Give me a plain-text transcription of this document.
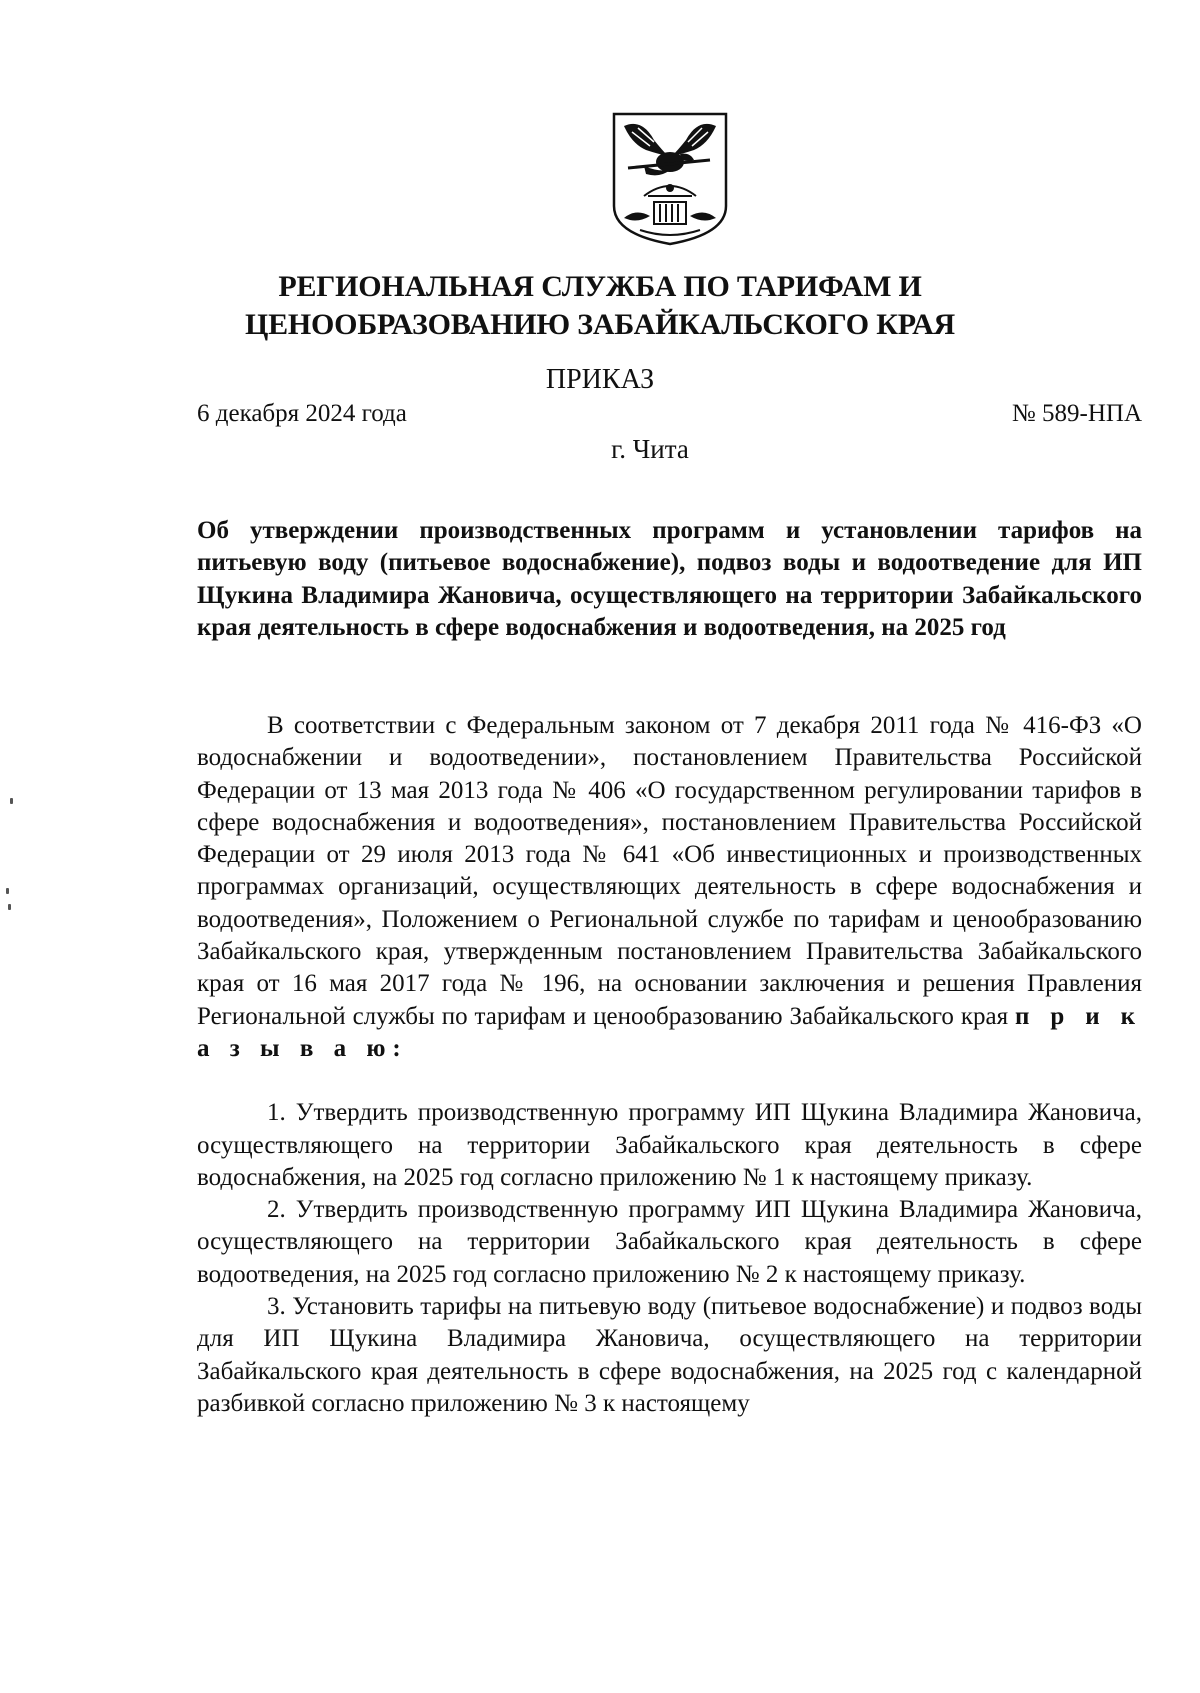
РЕГИОНАЛЬНАЯ СЛУЖБА ПО ТАРИФАМ И
ЦЕНООБРАЗОВАНИЮ ЗАБАЙКАЛЬСКОГО КРАЯ
ПРИКАЗ
6 декабря 2024 года	№ 589-НПА
г. Чита
Об утверждении производственных программ и установлении тарифов на питьевую воду (питьевое водоснабжение), подвоз воды и водоотведение для ИП Щукина Владимира Жановича, осуществляющего на территории Забайкальского края деятельность в сфере водоснабжения и водоотведения, на 2025 год

В соответствии с Федеральным законом от 7 декабря 2011 года № 416-ФЗ «О водоснабжении и водоотведении», постановлением Правительства Российской Федерации от 13 мая 2013 года № 406 «О государственном регулировании тарифов в сфере водоснабжения и водоотведения», постановлением Правительства Российской Федерации от 29 июля 2013 года № 641 «Об инвестиционных и производственных программах организаций, осуществляющих деятельность в сфере водоснабжения и водоотведения», Положением о Региональной службе по тарифам и ценообразованию Забайкальского края, утвержденным постановлением Правительства Забайкальского края от 16 мая 2017 года № 196, на основании заключения и решения Правления Региональной службы по тарифам и ценообразованию Забайкальского края п р и к а з ы в а ю:

1. Утвердить производственную программу ИП Щукина Владимира Жановича, осуществляющего на территории Забайкальского края деятельность в сфере водоснабжения, на 2025 год согласно приложению № 1 к настоящему приказу.

2. Утвердить производственную программу ИП Щукина Владимира Жановича, осуществляющего на территории Забайкальского края деятельность в сфере водоотведения, на 2025 год согласно приложению № 2 к настоящему приказу.

3. Установить тарифы на питьевую воду (питьевое водоснабжение) и подвоз воды для ИП Щукина Владимира Жановича, осуществляющего на территории Забайкальского края деятельность в сфере водоснабжения, на 2025 год с календарной разбивкой согласно приложению № 3 к настоящему
